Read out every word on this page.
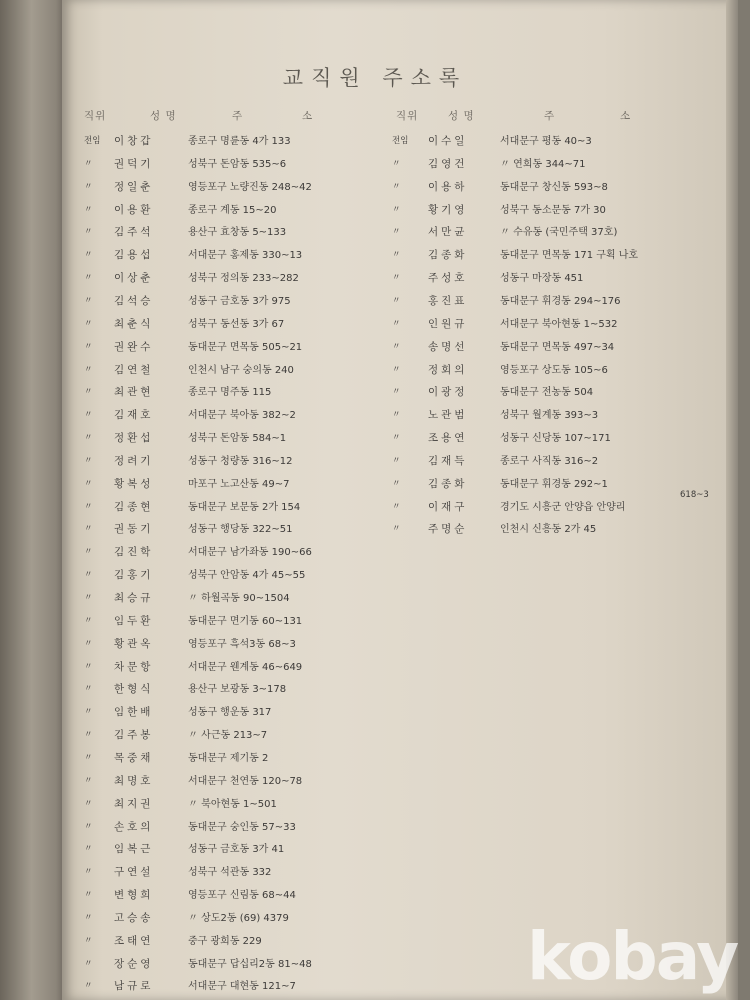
교직원 주소록
직위	성 명	주	소	직위	성 명	주	소
전임	이창갑	종로구 명륜동 4가 133
〃	권덕기	성북구 돈암동 535~6
〃	정일춘	영등포구 노량진동 248~42
〃	이용환	종로구 계동 15~20
〃	김주석	용산구 효창동 5~133
〃	김용섭	서대문구 홍제동 330~13
〃	이상춘	성북구 정의동 233~282
〃	김석승	성동구 금호동 3가 975
〃	최춘식	성북구 동선동 3가 67
〃	권완수	동대문구 면목동 505~21
〃	김연철	인천시 남구 숭의동 240
〃	최관현	종로구 명주동 115
〃	김재호	서대문구 북아동 382~2
〃	정환섭	성북구 돈암동 584~1
〃	정려기	성동구 청량동 316~12
〃	황복성	마포구 노고산동 49~7
〃	김종현	동대문구 보문동 2가 154
〃	권동기	성동구 행당동 322~51
〃	김진학	서대문구 남가좌동 190~66
〃	김홍기	성북구 안암동 4가 45~55
〃	최승규	〃 하월곡동 90~1504
〃	임두환	동대문구 면기동 60~131
〃	황관옥	영등포구 흑석3동 68~3
〃	차문항	서대문구 웬계동 46~649
〃	한형식	용산구 보광동 3~178
〃	임한배	성동구 행운동 317
〃	김주봉	〃 사근동 213~7
〃	목중채	동대문구 제기동 2
〃	최명호	서대문구 천연동 120~78
〃	최지권	〃 북아현동 1~501
〃	손호의	동대문구 숭인동 57~33
〃	임복근	성동구 금호동 3가 41
〃	구연설	성북구 석관동 332
〃	변형희	영등포구 신림동 68~44
〃	고승송	〃 상도2동 (69) 4379
〃	조태연	중구 광희동 229
〃	장순영	동대문구 답십리2동 81~48
〃	남규로	서대문구 대현동 121~7
전임	이수일	서대문구 평동 40~3
〃	김영건	〃 연희동 344~71
〃	이용하	동대문구 창신동 593~8
〃	황기영	성북구 동소문동 7가 30
〃	서만균	〃 수유동 (국민주택 37호)
〃	김종화	동대문구 면목동 171 구획 나호
〃	주성호	성동구 마장동 451
〃	홍진표	동대문구 휘경동 294~176
〃	인원규	서대문구 북아현동 1~532
〃	송명선	동대문구 면목동 497~34
〃	정회의	영등포구 상도동 105~6
〃	이광정	동대문구 전농동 504
〃	노관범	성북구 월계동 393~3
〃	조용연	성동구 신당동 107~171
〃	김재득	종로구 사직동 316~2
〃	김종화	동대문구 휘경동 292~1
〃	이재구	경기도 시흥군 안양읍 안양리
〃	주명순	인천시 신흥동 2가 45
618~3
kobay
